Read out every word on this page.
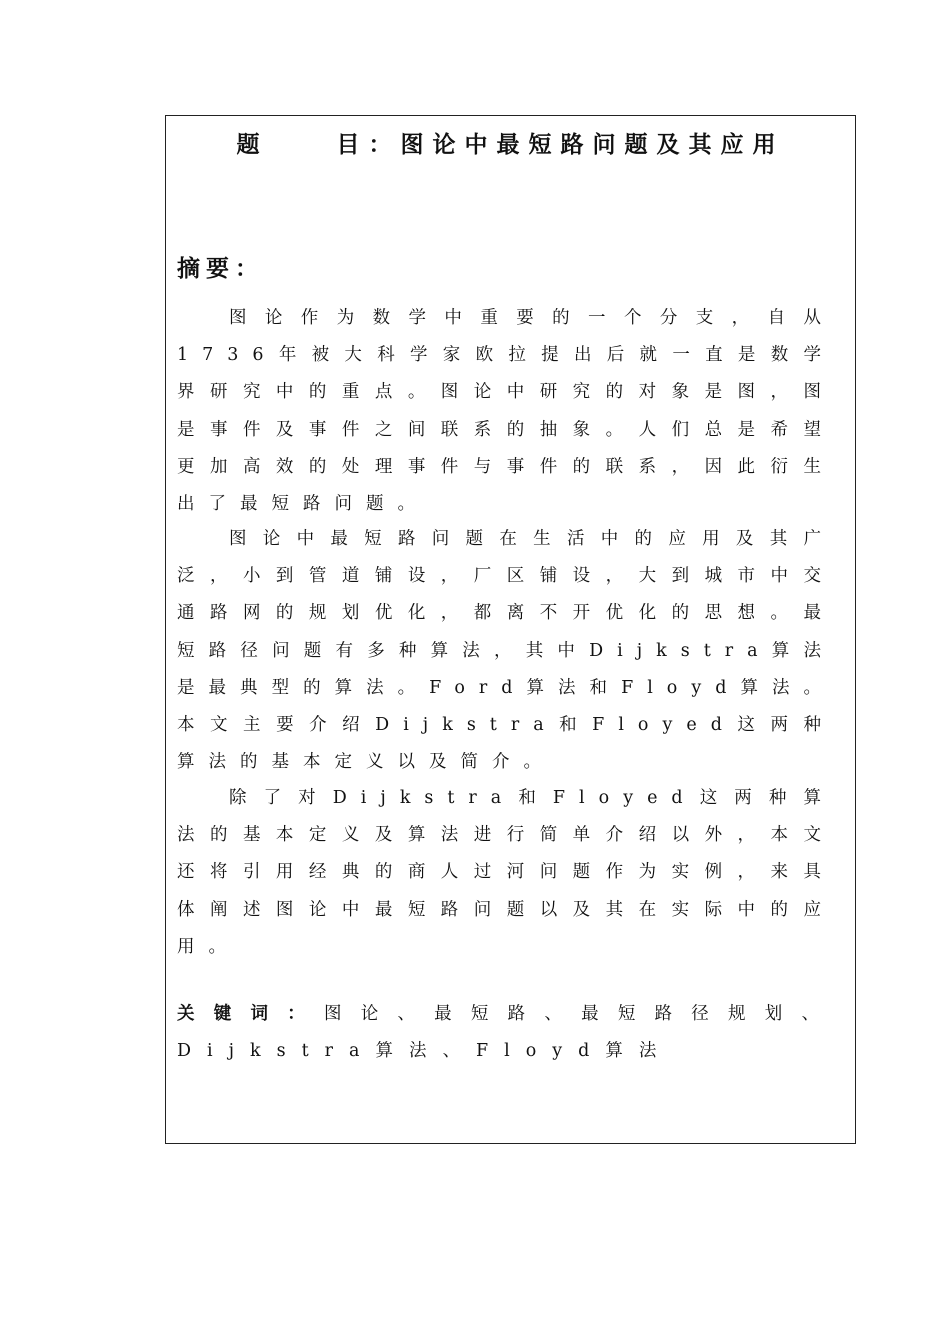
题    目：图论中最短路问题及其应用
摘要：

图论作为数学中重要的一个分支，自从1736年被大科学家欧拉提出后就一直是数学界研究中的重点。图论中研究的对象是图，图是事件及事件之间联系的抽象。人们总是希望更加高效的处理事件与事件的联系，因此衍生出了最短路问题。

图论中最短路问题在生活中的应用及其广泛，小到管道铺设，厂区铺设，大到城市中交通路网的规划优化，都离不开优化的思想。最短路径问题有多种算法，其中Dijkstra算法是最典型的算法。Ford算法和Floyd算法。本文主要介绍Dijkstra和Floyed这两种算法的基本定义以及简介。

除了对Dijkstra和Floyed这两种算法的基本定义及算法进行简单介绍以外，本文还将引用经典的商人过河问题作为实例，来具体阐述图论中最短路问题以及其在实际中的应用。

关键词：图论、最短路、最短路径规划、Dijkstra算法、Floyd算法
